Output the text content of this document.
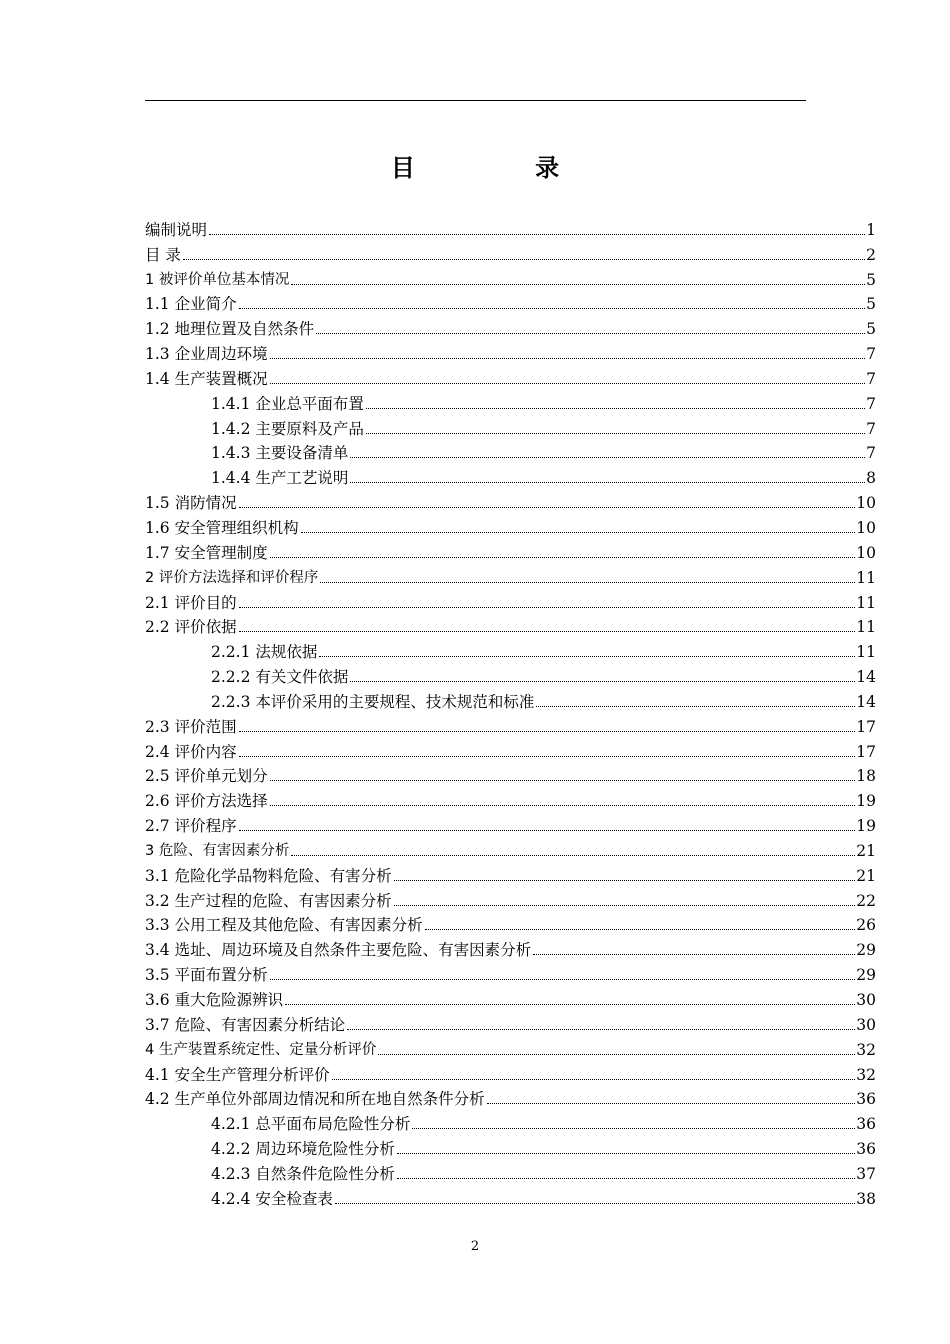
目 录
编制说明	1
目 录	2
1 被评价单位基本情况	5
1.1 企业简介	5
1.2 地理位置及自然条件	5
1.3 企业周边环境	7
1.4 生产装置概况	7
1.4.1 企业总平面布置	7
1.4.2 主要原料及产品	7
1.4.3 主要设备清单	7
1.4.4 生产工艺说明	8
1.5 消防情况	10
1.6 安全管理组织机构	10
1.7 安全管理制度	10
2 评价方法选择和评价程序	11
2.1 评价目的	11
2.2 评价依据	11
2.2.1 法规依据	11
2.2.2 有关文件依据	14
2.2.3 本评价采用的主要规程、技术规范和标准	14
2.3 评价范围	17
2.4 评价内容	17
2.5 评价单元划分	18
2.6 评价方法选择	19
2.7 评价程序	19
3 危险、有害因素分析	21
3.1 危险化学品物料危险、有害分析	21
3.2 生产过程的危险、有害因素分析	22
3.3 公用工程及其他危险、有害因素分析	26
3.4 选址、周边环境及自然条件主要危险、有害因素分析	29
3.5 平面布置分析	29
3.6 重大危险源辨识	30
3.7 危险、有害因素分析结论	30
4 生产装置系统定性、定量分析评价	32
4.1 安全生产管理分析评价	32
4.2 生产单位外部周边情况和所在地自然条件分析	36
4.2.1 总平面布局危险性分析	36
4.2.2 周边环境危险性分析	36
4.2.3 自然条件危险性分析	37
4.2.4 安全检查表	38
2
